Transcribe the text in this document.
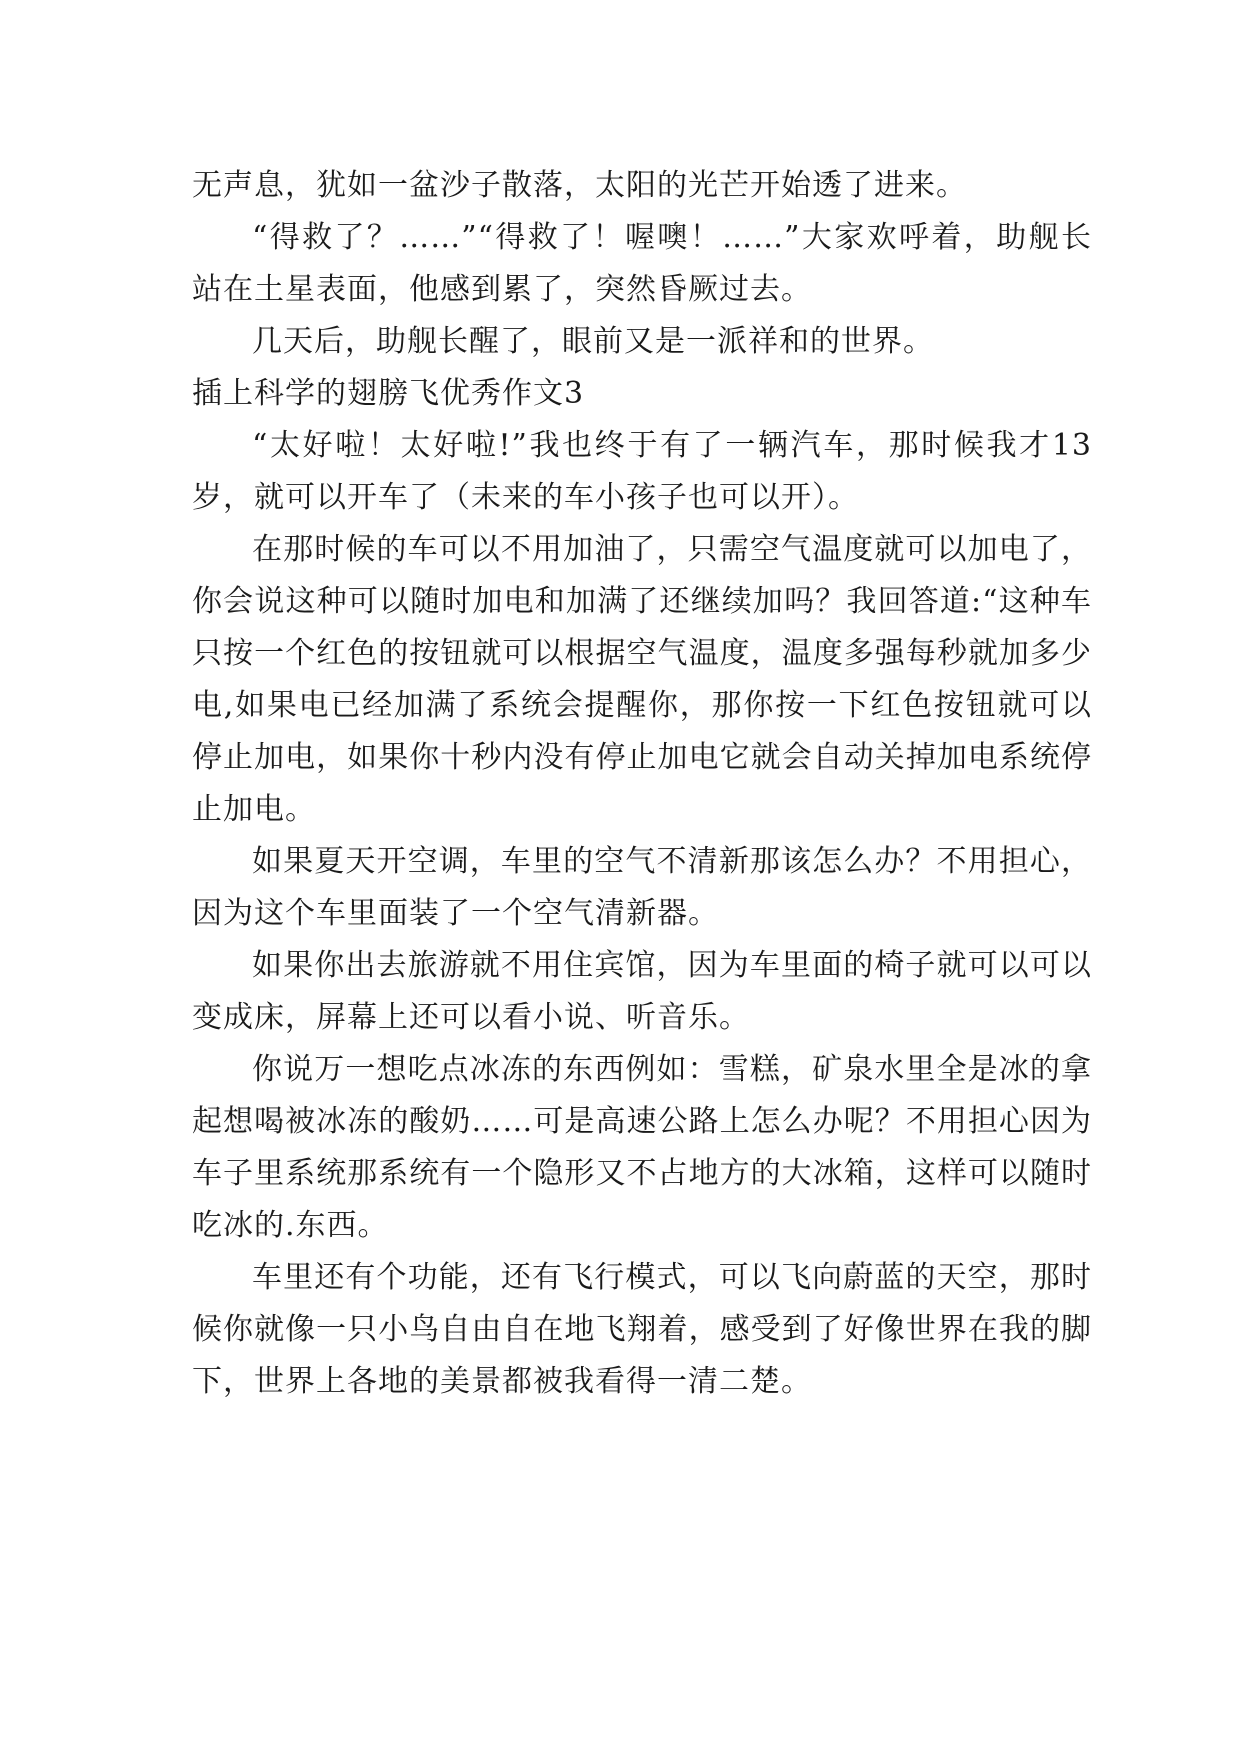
无声息，犹如一盆沙子散落，太阳的光芒开始透了进来。

“得救了？……”“得救了！喔噢！……”大家欢呼着，助舰长站在土星表面，他感到累了，突然昏厥过去。

几天后，助舰长醒了，眼前又是一派祥和的世界。

插上科学的翅膀飞优秀作文3

“太好啦！太好啦!”我也终于有了一辆汽车，那时候我才13岁，就可以开车了（未来的车小孩子也可以开）。

在那时候的车可以不用加油了，只需空气温度就可以加电了，你会说这种可以随时加电和加满了还继续加吗？我回答道:“这种车只按一个红色的按钮就可以根据空气温度，温度多强每秒就加多少电,如果电已经加满了系统会提醒你，那你按一下红色按钮就可以停止加电，如果你十秒内没有停止加电它就会自动关掉加电系统停止加电。

如果夏天开空调，车里的空气不清新那该怎么办？不用担心，因为这个车里面装了一个空气清新器。

如果你出去旅游就不用住宾馆，因为车里面的椅子就可以可以变成床，屏幕上还可以看小说、听音乐。

你说万一想吃点冰冻的东西例如：雪糕，矿泉水里全是冰的拿起想喝被冰冻的酸奶……可是高速公路上怎么办呢？不用担心因为车子里系统那系统有一个隐形又不占地方的大冰箱，这样可以随时吃冰的.东西。

车里还有个功能，还有飞行模式，可以飞向蔚蓝的天空，那时候你就像一只小鸟自由自在地飞翔着，感受到了好像世界在我的脚下，世界上各地的美景都被我看得一清二楚。
